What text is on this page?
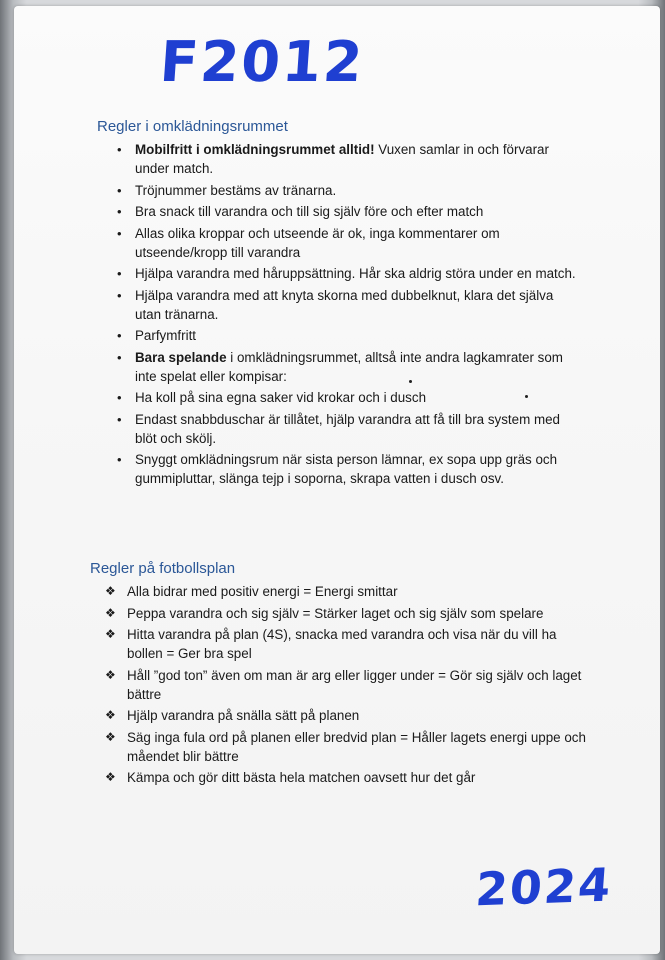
F2012
Regler i omklädningsrummet
• Mobilfritt i omklädningsrummet alltid! Vuxen samlar in och förvarar under match.
• Tröjnummer bestäms av tränarna.
• Bra snack till varandra och till sig själv före och efter match
• Allas olika kroppar och utseende är ok, inga kommentarer om utseende/kropp till varandra
• Hjälpa varandra med håruppsättning. Hår ska aldrig störa under en match.
• Hjälpa varandra med att knyta skorna med dubbelknut, klara det själva utan tränarna.
• Parfymfritt
• Bara spelande i omklädningsrummet, alltså inte andra lagkamrater som inte spelat eller kompisar:
• Ha koll på sina egna saker vid krokar och i dusch
• Endast snabbduschar är tillåtet, hjälp varandra att få till bra system med blöt och skölj.
• Snyggt omklädningsrum när sista person lämnar, ex sopa upp gräs och gummipluttar, slänga tejp i soporna, skrapa vatten i dusch osv.
Regler på fotbollsplan
❖ Alla bidrar med positiv energi = Energi smittar
❖ Peppa varandra och sig själv = Stärker laget och sig själv som spelare
❖ Hitta varandra på plan (4S), snacka med varandra och visa när du vill ha bollen = Ger bra spel
❖ Håll ”god ton” även om man är arg eller ligger under = Gör sig själv och laget bättre
❖ Hjälp varandra på snälla sätt på planen
❖ Säg inga fula ord på planen eller bredvid plan = Håller lagets energi uppe och måendet blir bättre
❖ Kämpa och gör ditt bästa hela matchen oavsett hur det går
2024
